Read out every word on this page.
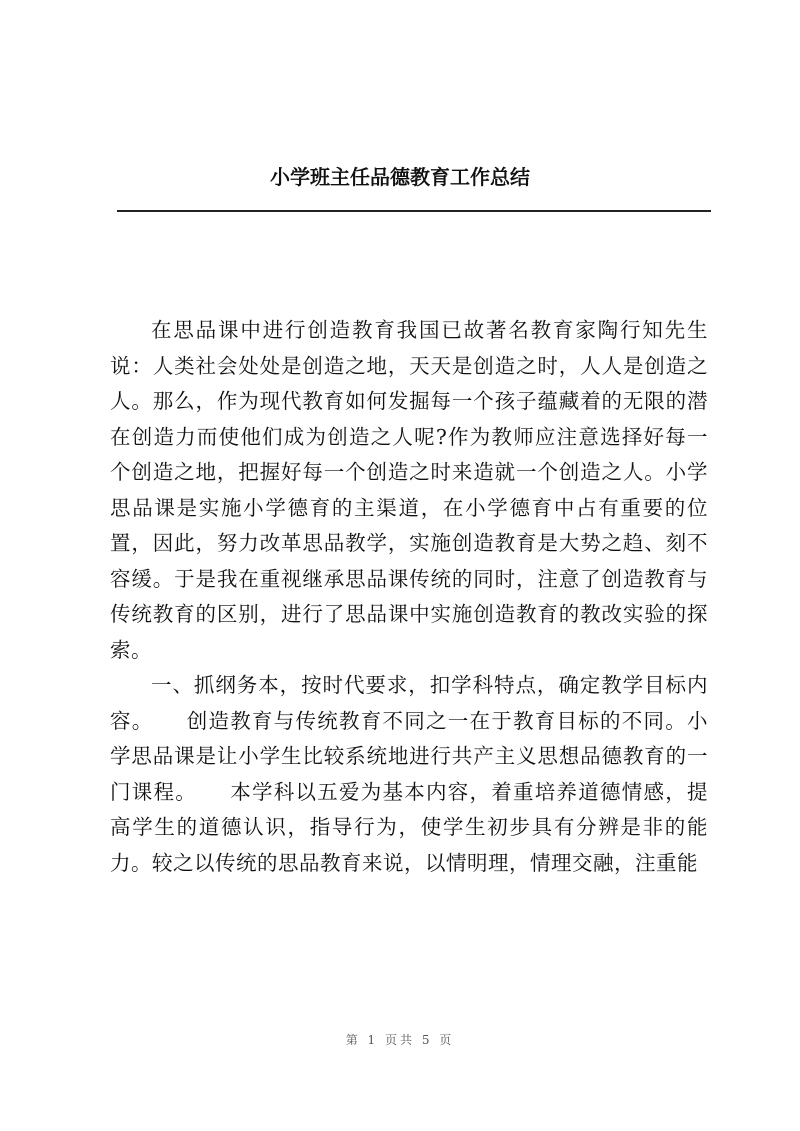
小学班主任品德教育工作总结

在思品课中进行创造教育我国已故著名教育家陶行知先生说：人类社会处处是创造之地，天天是创造之时，人人是创造之人。那么，作为现代教育如何发掘每一个孩子蕴藏着的无限的潜在创造力而使他们成为创造之人呢?作为教师应注意选择好每一个创造之地，把握好每一个创造之时来造就一个创造之人。小学思品课是实施小学德育的主渠道，在小学德育中占有重要的位置，因此，努力改革思品教学，实施创造教育是大势之趋、刻不容缓。于是我在重视继承思品课传统的同时，注意了创造教育与传统教育的区别，进行了思品课中实施创造教育的教改实验的探索。

一、抓纲务本，按时代要求，扣学科特点，确定教学目标内容。　　创造教育与传统教育不同之一在于教育目标的不同。小学思品课是让小学生比较系统地进行共产主义思想品德教育的一门课程。　　本学科以五爱为基本内容，着重培养道德情感，提高学生的道德认识，指导行为，使学生初步具有分辨是非的能力。较之以传统的思品教育来说，以情明理，情理交融，注重能

第 1 页共 5 页
